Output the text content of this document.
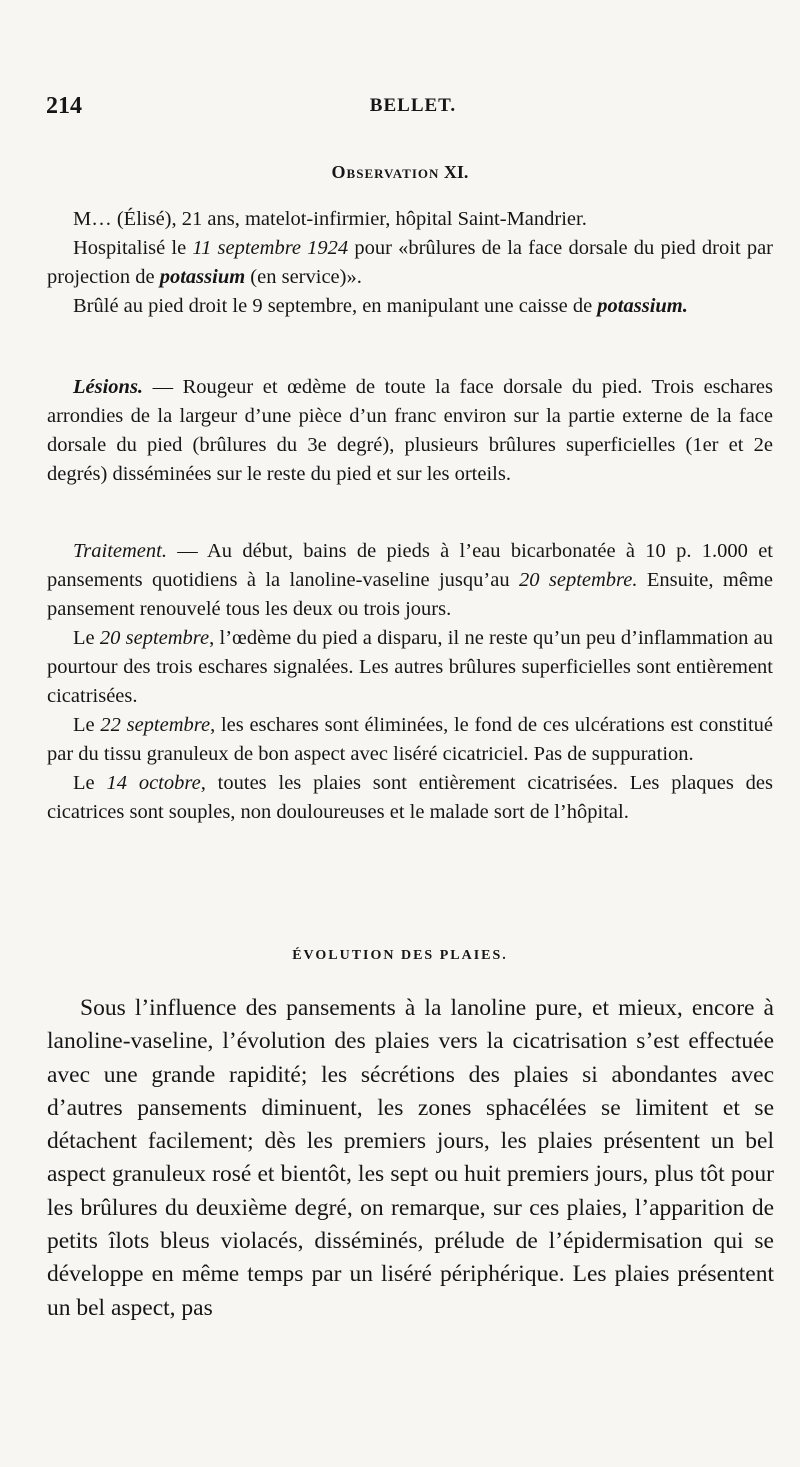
214	BELLET.
Observation XI.

M… (Élisé), 21 ans, matelot-infirmier, hôpital Saint-Mandrier.

Hospitalisé le 11 septembre 1924 pour «brûlures de la face dorsale du pied droit par projection de potassium (en service)».

Brûlé au pied droit le 9 septembre, en manipulant une caisse de potassium.

Lésions. — Rougeur et œdème de toute la face dorsale du pied. Trois eschares arrondies de la largeur d’une pièce d’un franc environ sur la partie externe de la face dorsale du pied (brûlures du 3e degré), plusieurs brûlures superficielles (1er et 2e degrés) disséminées sur le reste du pied et sur les orteils.

Traitement. — Au début, bains de pieds à l’eau bicarbonatée à 10 p. 1.000 et pansements quotidiens à la lanoline-vaseline jusqu’au 20 septembre. Ensuite, même pansement renouvelé tous les deux ou trois jours.

Le 20 septembre, l’œdème du pied a disparu, il ne reste qu’un peu d’inflammation au pourtour des trois eschares signalées. Les autres brûlures superficielles sont entièrement cicatrisées.

Le 22 septembre, les eschares sont éliminées, le fond de ces ulcérations est constitué par du tissu granuleux de bon aspect avec liséré cicatriciel. Pas de suppuration.

Le 14 octobre, toutes les plaies sont entièrement cicatrisées. Les plaques des cicatrices sont souples, non douloureuses et le malade sort de l’hôpital.

ÉVOLUTION DES PLAIES.

Sous l’influence des pansements à la lanoline pure, et mieux, encore à lanoline-vaseline, l’évolution des plaies vers la cicatrisation s’est effectuée avec une grande rapidité; les sécrétions des plaies si abondantes avec d’autres pansements diminuent, les zones sphacélées se limitent et se détachent facilement; dès les premiers jours, les plaies présentent un bel aspect granuleux rosé et bientôt, les sept ou huit premiers jours, plus tôt pour les brûlures du deuxième degré, on remarque, sur ces plaies, l’apparition de petits îlots bleus violacés, disséminés, prélude de l’épidermisation qui se développe en même temps par un liséré périphérique. Les plaies présentent un bel aspect, pas
